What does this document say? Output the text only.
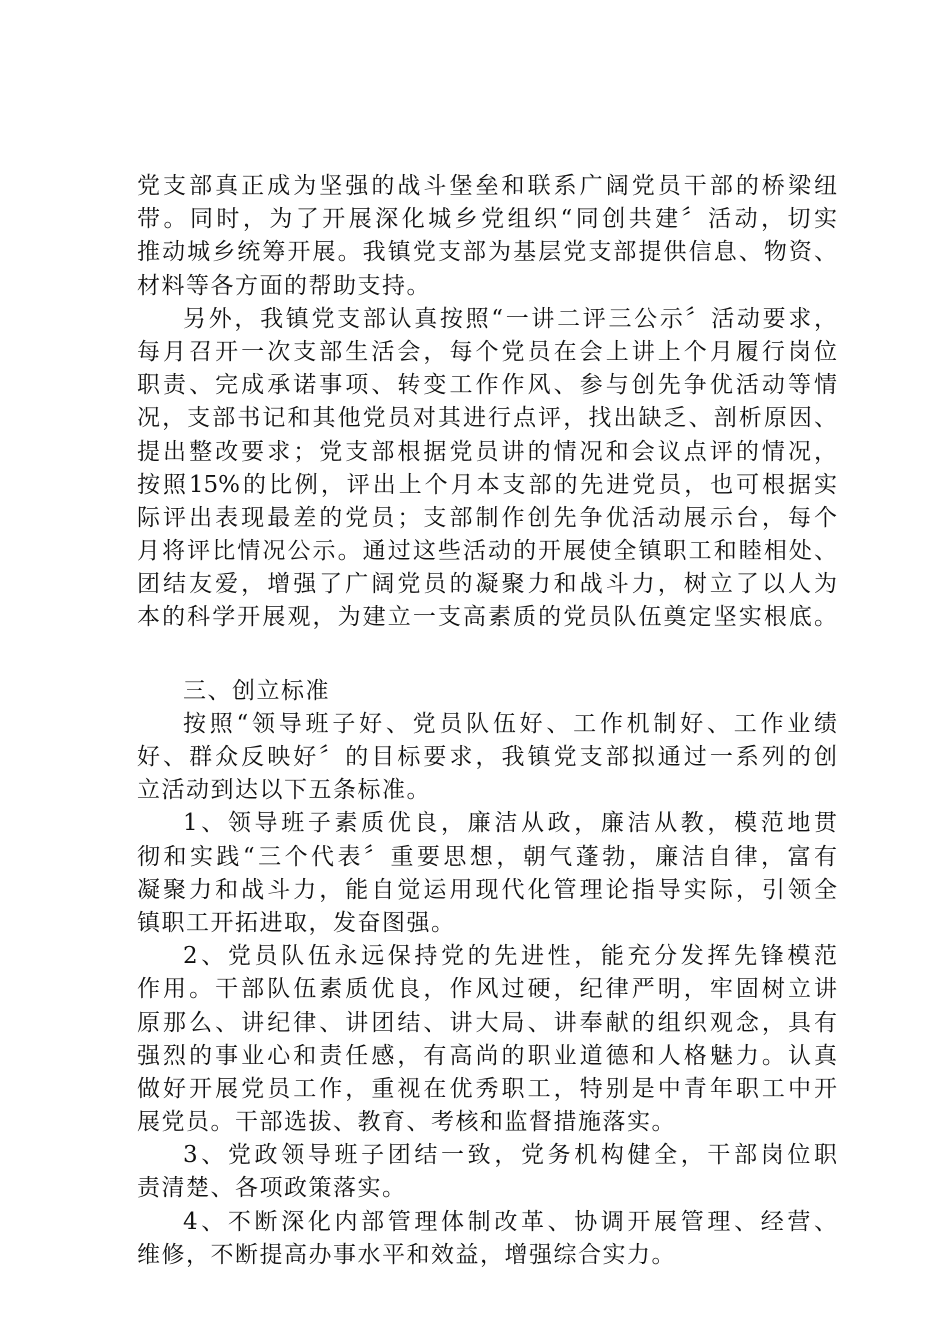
党支部真正成为坚强的战斗堡垒和联系广阔党员干部的桥梁纽
带。同时，为了开展深化城乡党组织“同创共建〞活动，切实
推动城乡统筹开展。我镇党支部为基层党支部提供信息、物资、
材料等各方面的帮助支持。
另外，我镇党支部认真按照“一讲二评三公示〞活动要求，
每月召开一次支部生活会，每个党员在会上讲上个月履行岗位
职责、完成承诺事项、转变工作作风、参与创先争优活动等情
况，支部书记和其他党员对其进行点评，找出缺乏、剖析原因、
提出整改要求；党支部根据党员讲的情况和会议点评的情况，
按照15%的比例，评出上个月本支部的先进党员，也可根据实
际评出表现最差的党员；支部制作创先争优活动展示台，每个
月将评比情况公示。通过这些活动的开展使全镇职工和睦相处、
团结友爱，增强了广阔党员的凝聚力和战斗力，树立了以人为
本的科学开展观，为建立一支高素质的党员队伍奠定坚实根底。
三、创立标准
按照“领导班子好、党员队伍好、工作机制好、工作业绩
好、群众反映好〞的目标要求，我镇党支部拟通过一系列的创
立活动到达以下五条标准。
1、领导班子素质优良，廉洁从政，廉洁从教，模范地贯
彻和实践“三个代表〞重要思想，朝气蓬勃，廉洁自律，富有
凝聚力和战斗力，能自觉运用现代化管理论指导实际，引领全
镇职工开拓进取，发奋图强。
2、党员队伍永远保持党的先进性，能充分发挥先锋模范
作用。干部队伍素质优良，作风过硬，纪律严明，牢固树立讲
原那么、讲纪律、讲团结、讲大局、讲奉献的组织观念，具有
强烈的事业心和责任感，有高尚的职业道德和人格魅力。认真
做好开展党员工作，重视在优秀职工，特别是中青年职工中开
展党员。干部选拔、教育、考核和监督措施落实。
3、党政领导班子团结一致，党务机构健全，干部岗位职
责清楚、各项政策落实。
4、不断深化内部管理体制改革、协调开展管理、经营、
维修，不断提高办事水平和效益，增强综合实力。
